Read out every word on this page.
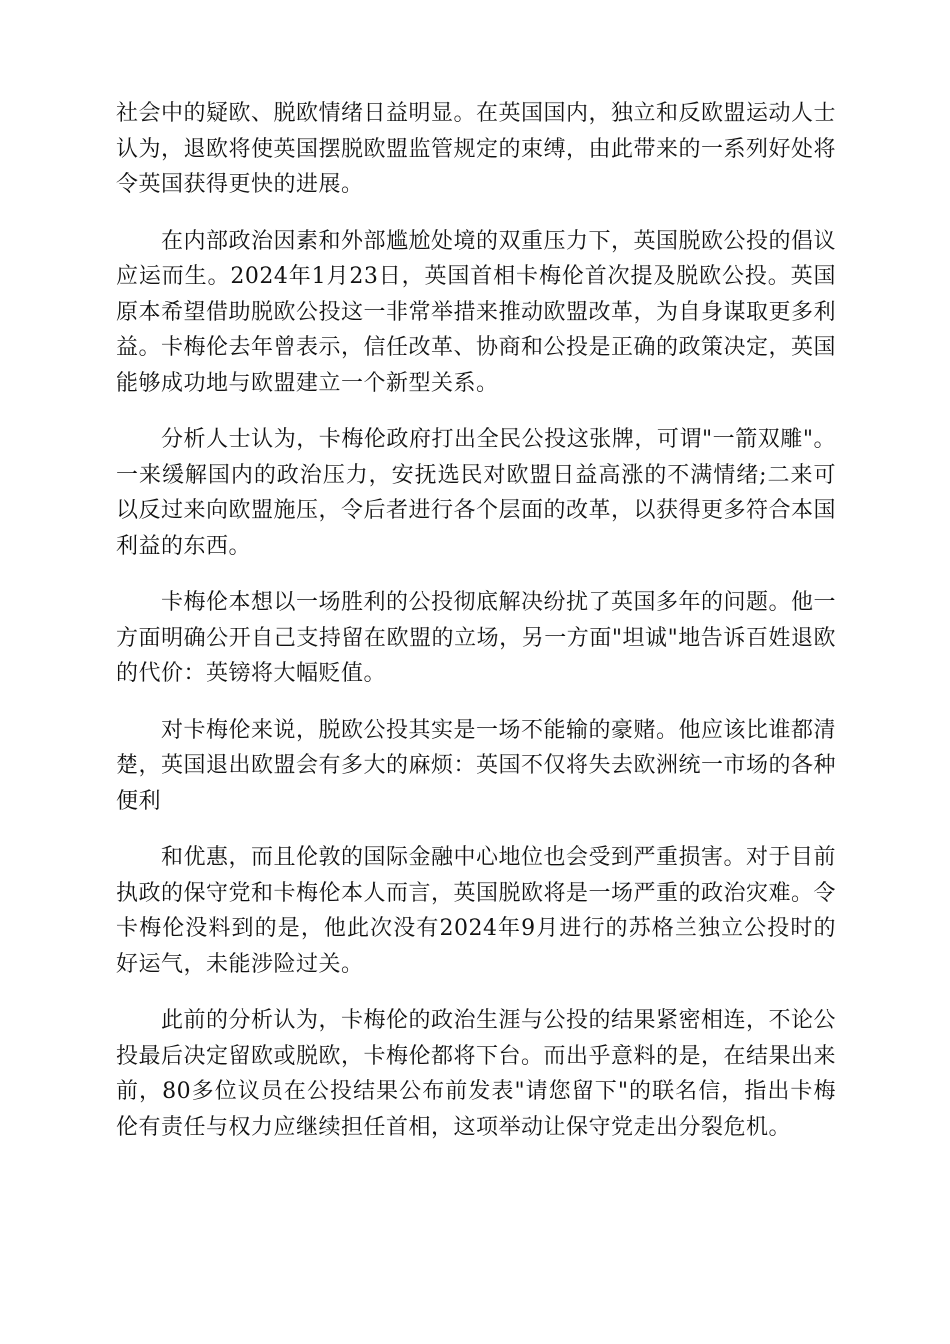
社会中的疑欧、脱欧情绪日益明显。在英国国内，独立和反欧盟运动人士认为，退欧将使英国摆脱欧盟监管规定的束缚，由此带来的一系列好处将令英国获得更快的进展。

在内部政治因素和外部尴尬处境的双重压力下，英国脱欧公投的倡议应运而生。2024年1月23日，英国首相卡梅伦首次提及脱欧公投。英国原本希望借助脱欧公投这一非常举措来推动欧盟改革，为自身谋取更多利益。卡梅伦去年曾表示，信任改革、协商和公投是正确的政策决定，英国能够成功地与欧盟建立一个新型关系。

分析人士认为，卡梅伦政府打出全民公投这张牌，可谓"一箭双雕"。一来缓解国内的政治压力，安抚选民对欧盟日益高涨的不满情绪;二来可以反过来向欧盟施压，令后者进行各个层面的改革，以获得更多符合本国利益的东西。

卡梅伦本想以一场胜利的公投彻底解决纷扰了英国多年的问题。他一方面明确公开自己支持留在欧盟的立场，另一方面"坦诚"地告诉百姓退欧的代价：英镑将大幅贬值。

对卡梅伦来说，脱欧公投其实是一场不能输的豪赌。他应该比谁都清楚，英国退出欧盟会有多大的麻烦：英国不仅将失去欧洲统一市场的各种便利

和优惠，而且伦敦的国际金融中心地位也会受到严重损害。对于目前执政的保守党和卡梅伦本人而言，英国脱欧将是一场严重的政治灾难。令卡梅伦没料到的是，他此次没有2024年9月进行的苏格兰独立公投时的好运气，未能涉险过关。

此前的分析认为，卡梅伦的政治生涯与公投的结果紧密相连，不论公投最后决定留欧或脱欧，卡梅伦都将下台。而出乎意料的是，在结果出来前，80多位议员在公投结果公布前发表"请您留下"的联名信，指出卡梅伦有责任与权力应继续担任首相，这项举动让保守党走出分裂危机。
